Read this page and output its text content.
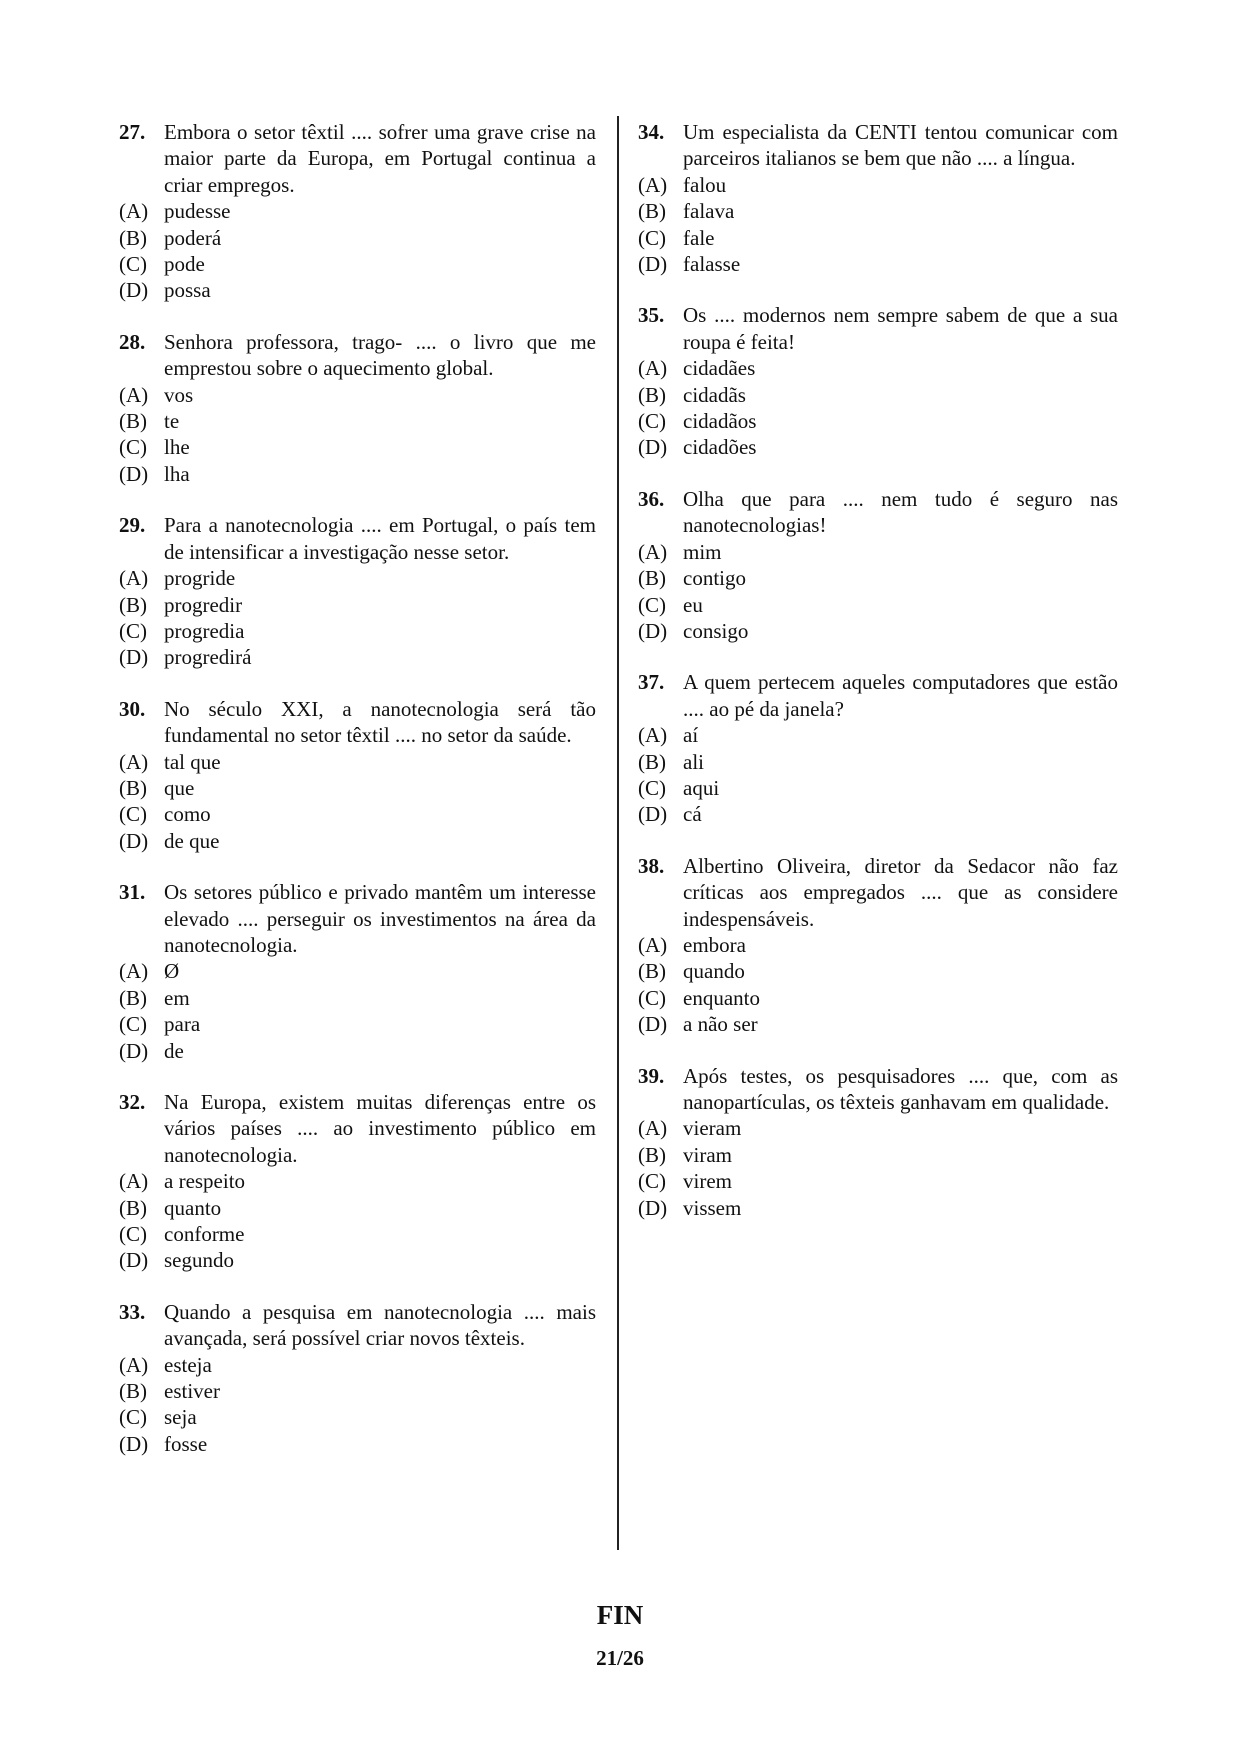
27. Embora o setor têxtil .... sofrer uma grave crise na maior parte da Europa, em Portugal continua a criar empregos.
(A) pudesse
(B) poderá
(C) pode
(D) possa
28. Senhora professora, trago- .... o livro que me emprestou sobre o aquecimento global.
(A) vos
(B) te
(C) lhe
(D) lha
29. Para a nanotecnologia .... em Portugal, o país tem de intensificar a investigação nesse setor.
(A) progride
(B) progredir
(C) progredia
(D) progredirá
30. No século XXI, a nanotecnologia será tão fundamental no setor têxtil .... no setor da saúde.
(A) tal que
(B) que
(C) como
(D) de que
31. Os setores público e privado mantêm um interesse elevado .... perseguir os investimentos na área da nanotecnologia.
(A) Ø
(B) em
(C) para
(D) de
32. Na Europa, existem muitas diferenças entre os vários países .... ao investimento público em nanotecnologia.
(A) a respeito
(B) quanto
(C) conforme
(D) segundo
33. Quando a pesquisa em nanotecnologia .... mais avançada, será possível criar novos têxteis.
(A) esteja
(B) estiver
(C) seja
(D) fosse
34. Um especialista da CENTI tentou comunicar com parceiros italianos se bem que não .... a língua.
(A) falou
(B) falava
(C) fale
(D) falasse
35. Os .... modernos nem sempre sabem de que a sua roupa é feita!
(A) cidadães
(B) cidadãs
(C) cidadãos
(D) cidadões
36. Olha que para .... nem tudo é seguro nas nanotecnologias!
(A) mim
(B) contigo
(C) eu
(D) consigo
37. A quem pertecem aqueles computadores que estão .... ao pé da janela?
(A) aí
(B) ali
(C) aqui
(D) cá
38. Albertino Oliveira, diretor da Sedacor não faz críticas aos empregados .... que as considere indespensáveis.
(A) embora
(B) quando
(C) enquanto
(D) a não ser
39. Após testes, os pesquisadores .... que, com as nanopartículas, os têxteis ganhavam em qualidade.
(A) vieram
(B) viram
(C) virem
(D) vissem
FIN
21/26
